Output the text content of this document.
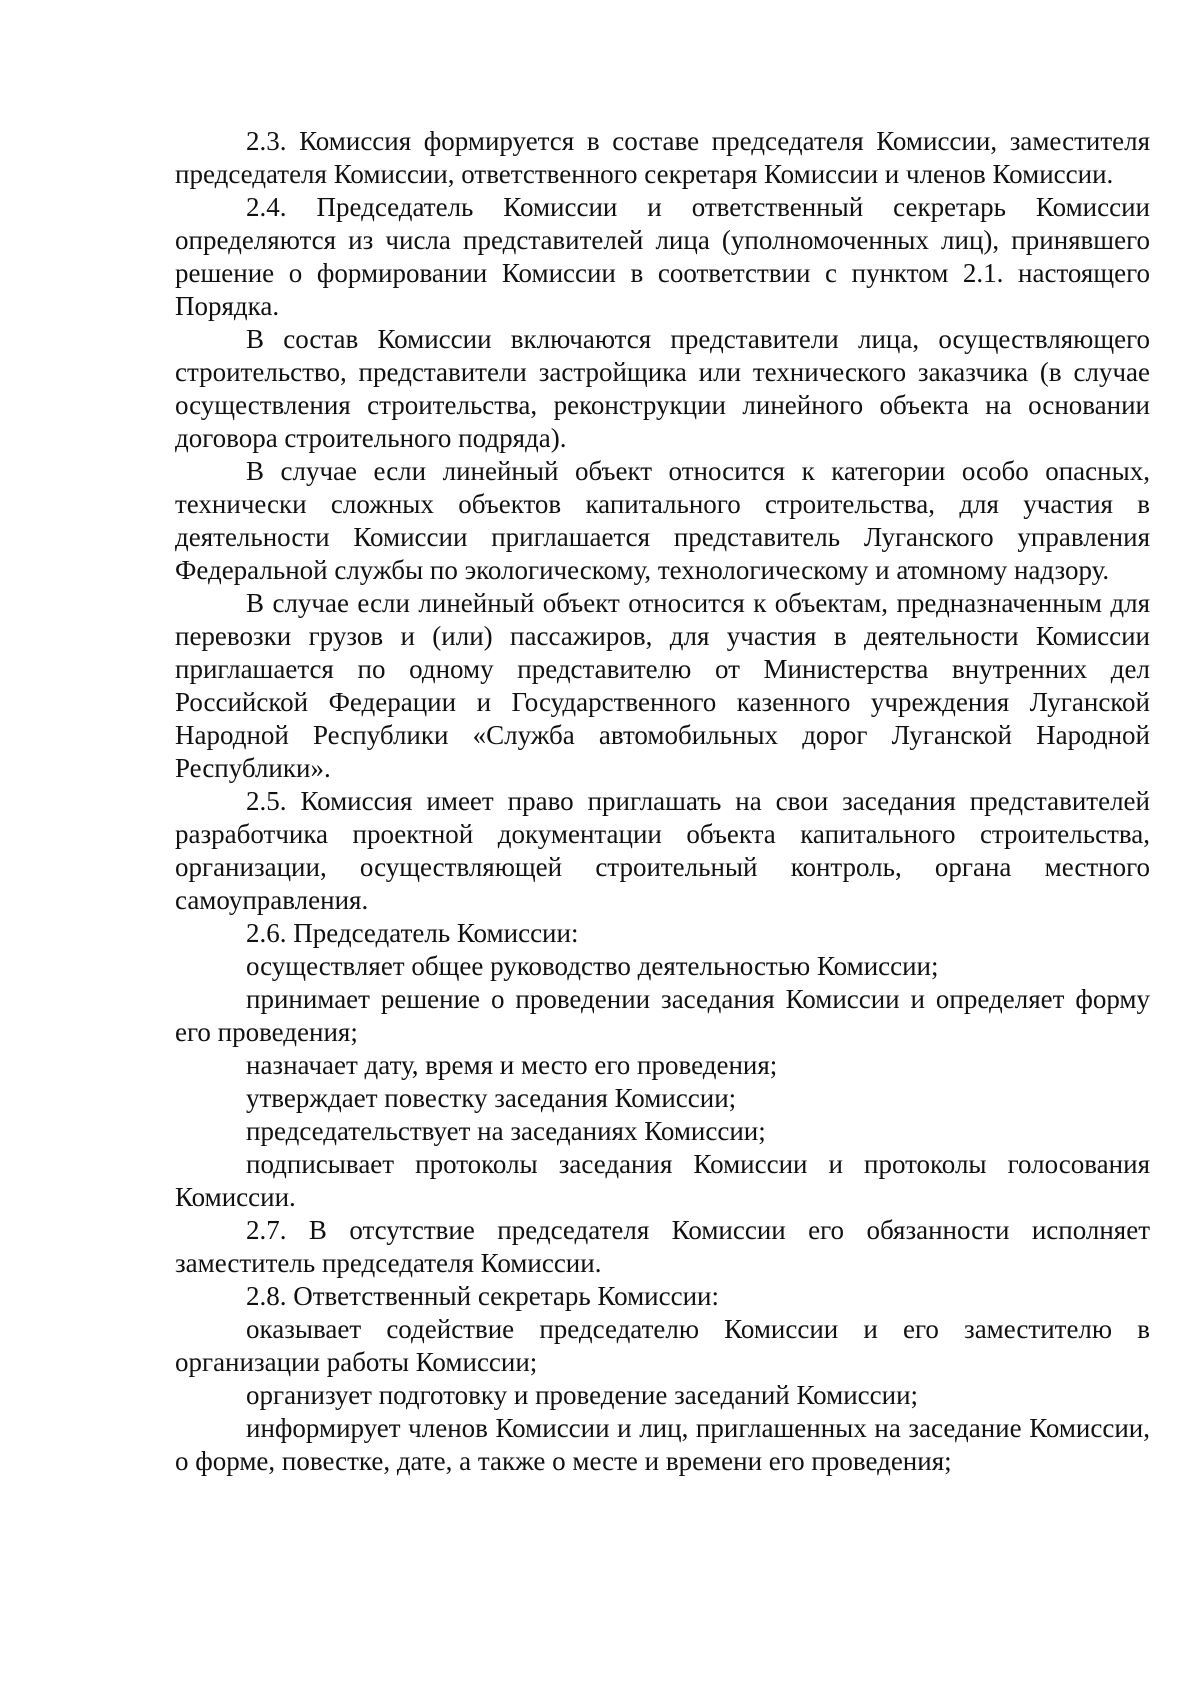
2.3. Комиссия формируется в составе председателя Комиссии, заместителя председателя Комиссии, ответственного секретаря Комиссии и членов Комиссии.

2.4. Председатель Комиссии и ответственный секретарь Комиссии определяются из числа представителей лица (уполномоченных лиц), принявшего решение о формировании Комиссии в соответствии с пунктом 2.1. настоящего Порядка.

В состав Комиссии включаются представители лица, осуществляющего строительство, представители застройщика или технического заказчика (в случае осуществления строительства, реконструкции линейного объекта на основании договора строительного подряда).

В случае если линейный объект относится к категории особо опасных, технически сложных объектов капитального строительства, для участия в деятельности Комиссии приглашается представитель Луганского управления Федеральной службы по экологическому, технологическому и атомному надзору.

В случае если линейный объект относится к объектам, предназначенным для перевозки грузов и (или) пассажиров, для участия в деятельности Комиссии приглашается по одному представителю от Министерства внутренних дел Российской Федерации и Государственного казенного учреждения Луганской Народной Республики «Служба автомобильных дорог Луганской Народной Республики».

2.5. Комиссия имеет право приглашать на свои заседания представителей разработчика проектной документации объекта капитального строительства, организации, осуществляющей строительный контроль, органа местного самоуправления.

2.6. Председатель Комиссии:

осуществляет общее руководство деятельностью Комиссии;

принимает решение о проведении заседания Комиссии и определяет форму его проведения;

назначает дату, время и место его проведения;

утверждает повестку заседания Комиссии;

председательствует на заседаниях Комиссии;

подписывает протоколы заседания Комиссии и протоколы голосования Комиссии.

2.7. В отсутствие председателя Комиссии его обязанности исполняет заместитель председателя Комиссии.

2.8. Ответственный секретарь Комиссии:

оказывает содействие председателю Комиссии и его заместителю в организации работы Комиссии;

организует подготовку и проведение заседаний Комиссии;

информирует членов Комиссии и лиц, приглашенных на заседание Комиссии, о форме, повестке, дате, а также о месте и времени его проведения;
